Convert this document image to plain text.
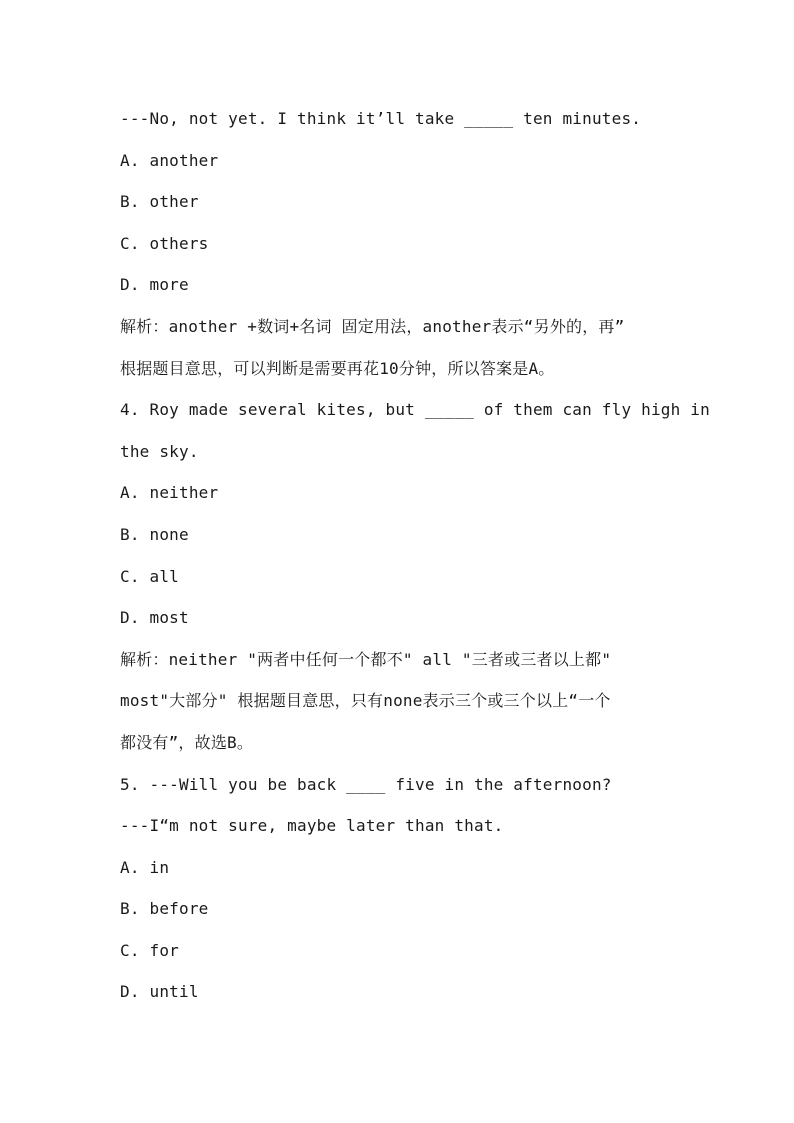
---No, not yet. I think it’ll take _____ ten minutes.
A. another
B. other
C. others
D. more
解析：another +数词+名词 固定用法，another表示“另外的，再”
根据题目意思，可以判断是需要再花10分钟，所以答案是A。
4. Roy made several kites, but _____ of them can fly high in
the sky.
A. neither
B. none
C. all
D. most
解析：neither "两者中任何一个都不" all "三者或三者以上都"
most"大部分" 根据题目意思，只有none表示三个或三个以上“一个
都没有”，故选B。
5. ---Will you be back ____ five in the afternoon?
---I“m not sure, maybe later than that.
A. in
B. before
C. for
D. until
